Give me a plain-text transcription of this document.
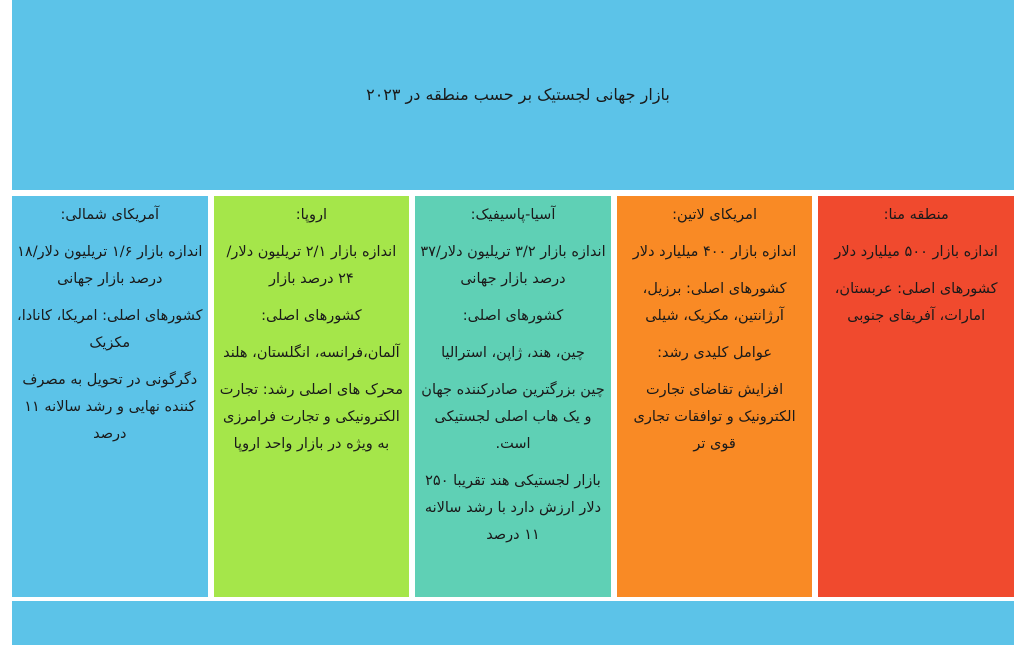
بازار جهانی لجستیک بر حسب منطقه در ۲۰۲۳
آمریکای شمالی:

اندازه بازار ۱/۶ تریلیون دلار/۱۸ درصد بازار جهانی

کشورهای اصلی: امریکا، کانادا، مکزیک

دگرگونی در تحویل به مصرف کننده نهایی و رشد سالانه ۱۱ درصد

اروپا:

اندازه بازار ۲/۱ تریلیون دلار/ ۲۴ درصد بازار

کشورهای اصلی:

آلمان،فرانسه، انگلستان، هلند

محرک های اصلی رشد: تجارت الکترونیکی و تجارت فرامرزی به ویژه در بازار واحد اروپا

آسیا-پاسیفیک:

اندازه بازار ۳/۲ تریلیون دلار/۳۷ درصد بازار جهانی

کشورهای اصلی:

چین، هند، ژاپن، استرالیا

چین بزرگترین صادرکننده جهان و یک هاب اصلی لجستیکی است.

بازار لجستیکی هند تقریبا ۲۵۰ دلار ارزش دارد با رشد سالانه ۱۱ درصد

امریکای لاتین:

اندازه بازار ۴۰۰ میلیارد دلار

کشورهای اصلی: برزیل، آرژانتین، مکزیک، شیلی

عوامل کلیدی رشد:

افزایش تقاضای تجارت الکترونیک و توافقات تجاری قوی تر

منطقه منا:

اندازه بازار ۵۰۰ میلیارد دلار

کشورهای اصلی: عربستان، امارات، آفریقای جنوبی
